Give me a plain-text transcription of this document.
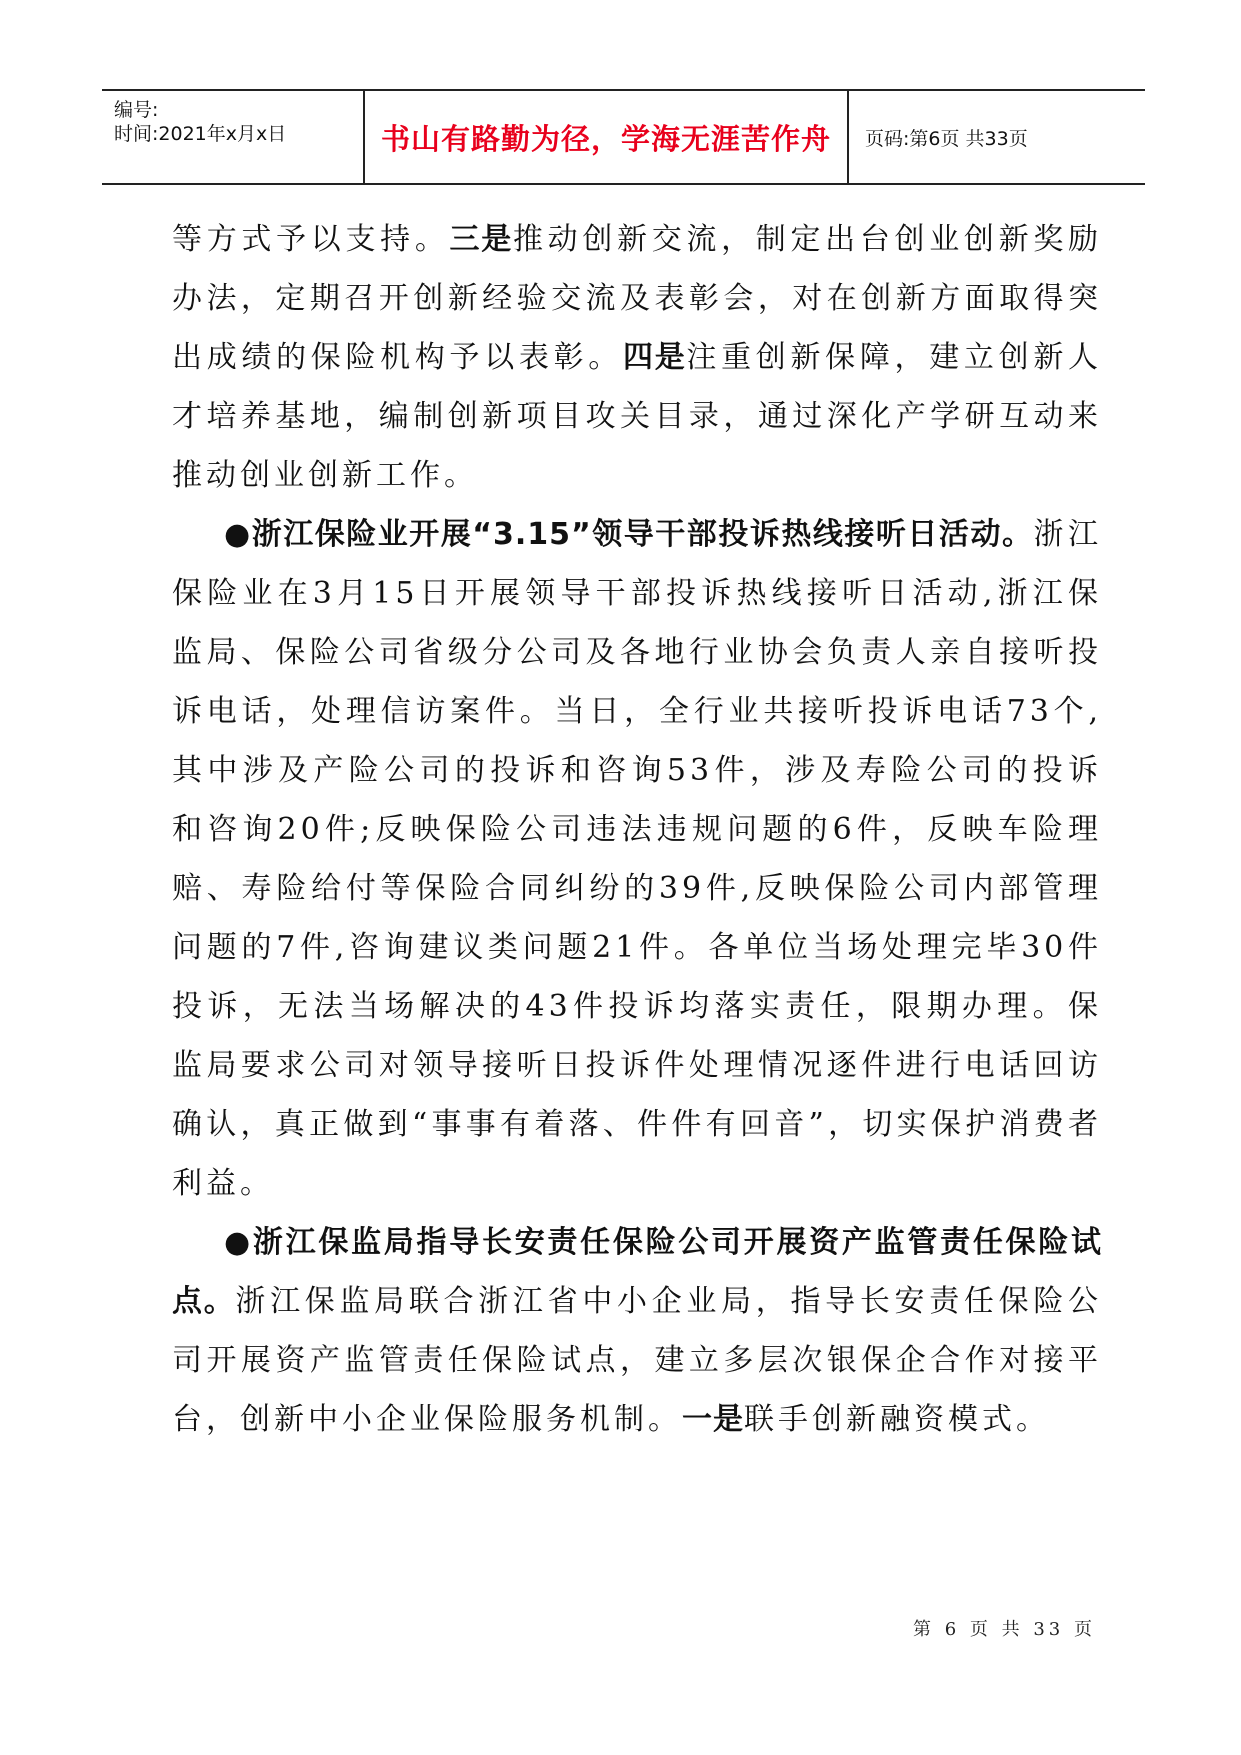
编号:
时间:2021年x月x日	书山有路勤为径，学海无涯苦作舟	页码:第6页 共33页

等方式予以支持。三是推动创新交流，制定出台创业创新奖励办法，定期召开创新经验交流及表彰会，对在创新方面取得突出成绩的保险机构予以表彰。四是注重创新保障，建立创新人才培养基地，编制创新项目攻关目录，通过深化产学研互动来推动创业创新工作。

●浙江保险业开展“3.15”领导干部投诉热线接听日活动。浙江保险业在3月15日开展领导干部投诉热线接听日活动,浙江保监局、保险公司省级分公司及各地行业协会负责人亲自接听投诉电话，处理信访案件。当日，全行业共接听投诉电话73个,其中涉及产险公司的投诉和咨询53件，涉及寿险公司的投诉和咨询20件;反映保险公司违法违规问题的6件，反映车险理赔、寿险给付等保险合同纠纷的39件,反映保险公司内部管理问题的7件,咨询建议类问题21件。各单位当场处理完毕30件投诉，无法当场解决的43件投诉均落实责任，限期办理。保监局要求公司对领导接听日投诉件处理情况逐件进行电话回访确认，真正做到“事事有着落、件件有回音”，切实保护消费者利益。

●浙江保监局指导长安责任保险公司开展资产监管责任保险试点。浙江保监局联合浙江省中小企业局，指导长安责任保险公司开展资产监管责任保险试点，建立多层次银保企合作对接平台，创新中小企业保险服务机制。一是联手创新融资模式。

第 6 页 共 33 页
